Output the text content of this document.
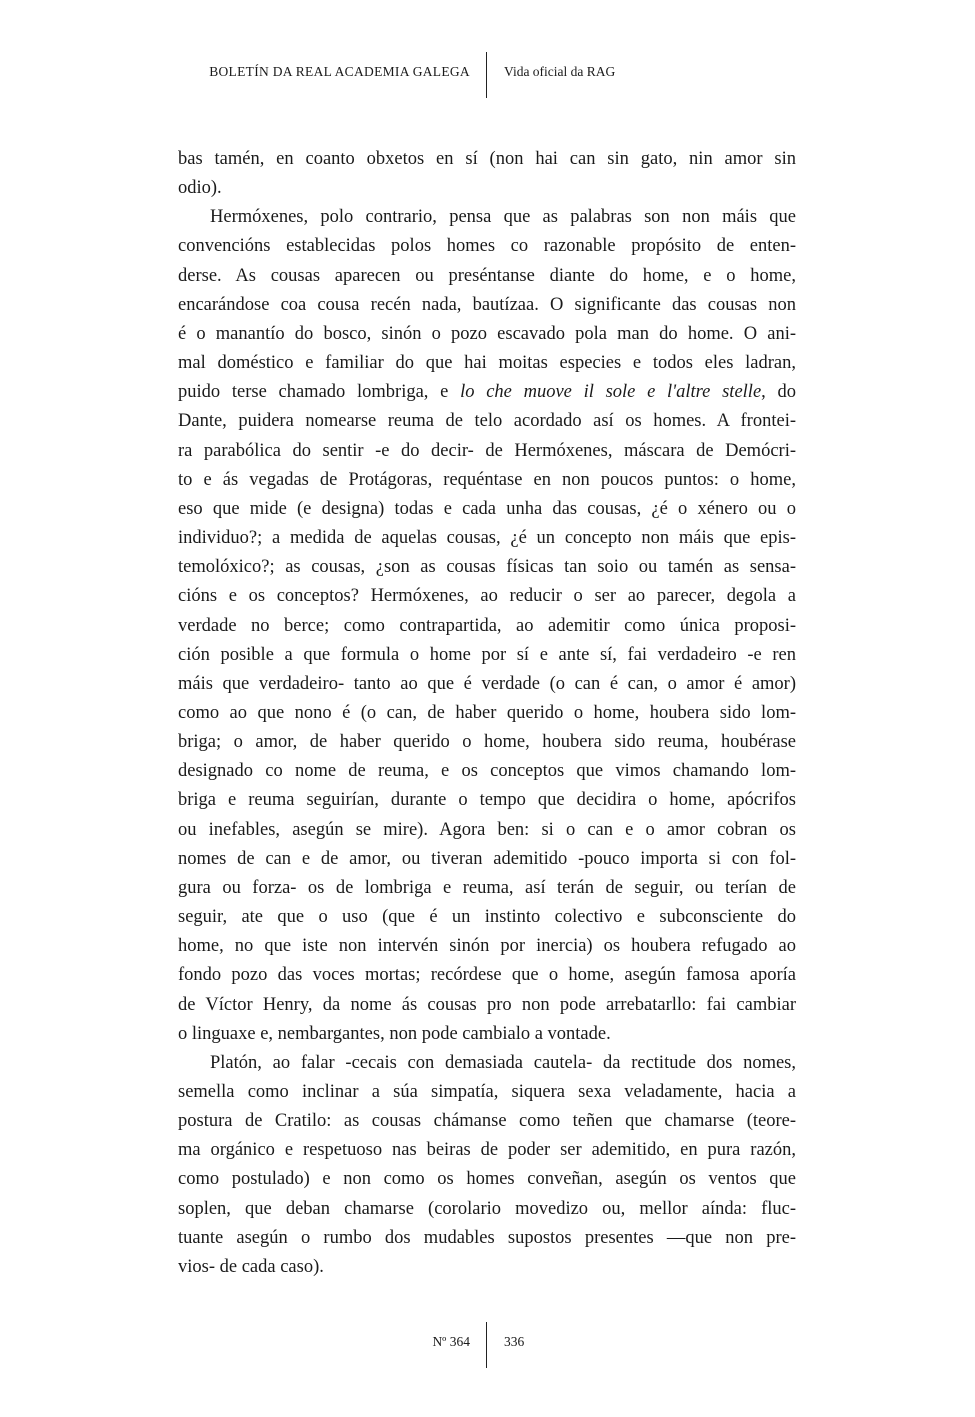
BOLETÍN DA REAL ACADEMIA GALEGA	Vida oficial da RAG
bas tamén, en coanto obxetos en sí (non hai can sin gato, nin amor sin
odio).
Hermóxenes, polo contrario, pensa que as palabras son non máis que
convencións establecidas polos homes co razonable propósito de enten-
derse. As cousas aparecen ou preséntanse diante do home, e o home,
encarándose coa cousa recén nada, bautízaa. O significante das cousas non
é o manantío do bosco, sinón o pozo escavado pola man do home. O ani-
mal doméstico e familiar do que hai moitas especies e todos eles ladran,
puido terse chamado lombriga, e lo che muove il sole e l'altre stelle, do
Dante, puidera nomearse reuma de telo acordado así os homes. A frontei-
ra parabólica do sentir -e do decir- de Hermóxenes, máscara de Demócri-
to e ás vegadas de Protágoras, requéntase en non poucos puntos: o home,
eso que mide (e designa) todas e cada unha das cousas, ¿é o xénero ou o
individuo?; a medida de aquelas cousas, ¿é un concepto non máis que epis-
temolóxico?; as cousas, ¿son as cousas físicas tan soio ou tamén as sensa-
cións e os conceptos? Hermóxenes, ao reducir o ser ao parecer, degola a
verdade no berce; como contrapartida, ao ademitir como única proposi-
ción posible a que formula o home por sí e ante sí, fai verdadeiro -e ren
máis que verdadeiro- tanto ao que é verdade (o can é can, o amor é amor)
como ao que nono é (o can, de haber querido o home, houbera sido lom-
briga; o amor, de haber querido o home, houbera sido reuma, houbérase
designado co nome de reuma, e os conceptos que vimos chamando lom-
briga e reuma seguirían, durante o tempo que decidira o home, apócrifos
ou inefables, asegún se mire). Agora ben: si o can e o amor cobran os
nomes de can e de amor, ou tiveran ademitido -pouco importa si con fol-
gura ou forza- os de lombriga e reuma, así terán de seguir, ou terían de
seguir, ate que o uso (que é un instinto colectivo e subconsciente do
home, no que iste non intervén sinón por inercia) os houbera refugado ao
fondo pozo das voces mortas; recórdese que o home, asegún famosa aporía
de Víctor Henry, da nome ás cousas pro non pode arrebatarllo: fai cambiar
o linguaxe e, nembargantes, non pode cambialo a vontade.
Platón, ao falar -cecais con demasiada cautela- da rectitude dos nomes,
semella como inclinar a súa simpatía, siquera sexa veladamente, hacia a
postura de Cratilo: as cousas chámanse como teñen que chamarse (teore-
ma orgánico e respetuoso nas beiras de poder ser ademitido, en pura razón,
como postulado) e non como os homes conveñan, asegún os ventos que
soplen, que deban chamarse (corolario movedizo ou, mellor aínda: fluc-
tuante asegún o rumbo dos mudables supostos presentes —que non pre-
vios- de cada caso).
Nº 364	336
